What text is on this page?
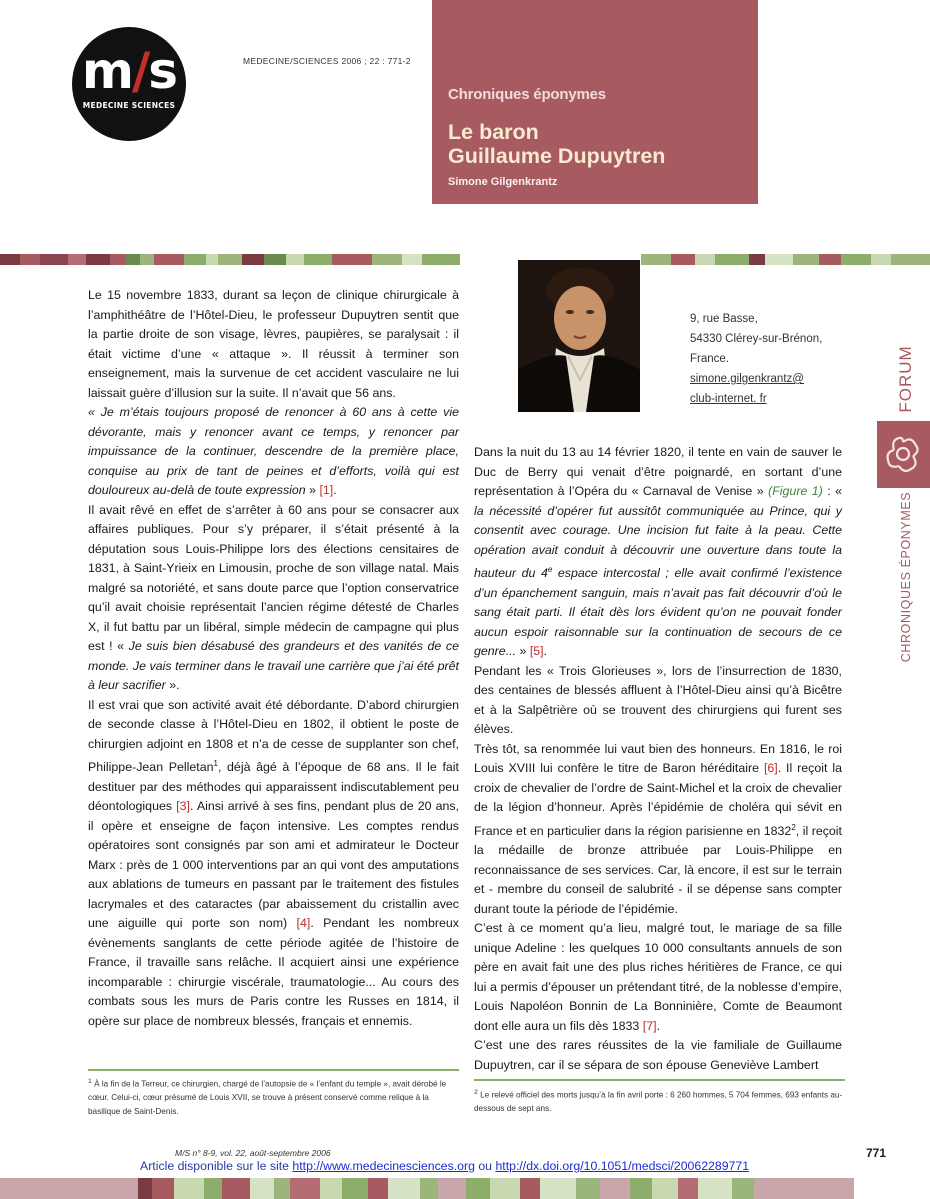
m/s
MEDECINE SCIENCES
MEDECINE/SCIENCES 2006 ; 22 : 771-2
Chroniques éponymes
Le baron
Guillaume Dupuytren
Simone Gilgenkrantz
9, rue Basse,
54330 Clérey-sur-Brénon,
France.
simone.gilgenkrantz@
club-internet. fr	FORUM
CHRONIQUES ÉPONYMES

Le 15 novembre 1833, durant sa leçon de clinique chirurgicale à l’amphithéâtre de l’Hôtel-Dieu, le professeur Dupuytren sentit que la partie droite de son visage, lèvres, paupières, se paralysait : il était victime d’une « attaque ». Il réussit à terminer son enseignement, mais la survenue de cet accident vasculaire ne lui laissait guère d’illusion sur la suite. Il n’avait que 56 ans.

« Je m’étais toujours proposé de renoncer à 60 ans à cette vie dévorante, mais y renoncer avant ce temps, y renoncer par impuissance de la continuer, descendre de la première place, conquise au prix de tant de peines et d’efforts, voilà qui est douloureux au-delà de toute expression » [1].

Il avait rêvé en effet de s’arrêter à 60 ans pour se consacrer aux affaires publiques. Pour s’y préparer, il s’était présenté à la députation sous Louis-Philippe lors des élections censitaires de 1831, à Saint-Yrieix en Limousin, proche de son village natal. Mais malgré sa notoriété, et sans doute parce que l’option conservatrice qu’il avait choisie représentait l’ancien régime détesté de Charles X, il fut battu par un libéral, simple médecin de campagne qui plus est ! « Je suis bien désabusé des grandeurs et des vanités de ce monde. Je vais terminer dans le travail une carrière que j’ai été prêt à leur sacrifier ».

Il est vrai que son activité avait été débordante. D’abord chirurgien de seconde classe à l’Hôtel-Dieu en 1802, il obtient le poste de chirurgien adjoint en 1808 et n’a de cesse de supplanter son chef, Philippe-Jean Pelletan$^1$, déjà âgé à l’époque de 68 ans. Il le fait destituer par des méthodes qui apparaissent indiscutablement peu déontologiques [3]. Ainsi arrivé à ses fins, pendant plus de 20 ans, il opère et enseigne de façon intensive. Les comptes rendus opératoires sont consignés par son ami et admirateur le Docteur Marx : près de 1 000 interventions par an qui vont des amputations aux ablations de tumeurs en passant par le traitement des fistules lacrymales et des cataractes (par abaissement du cristallin avec une aiguille qui porte son nom) [4]. Pendant les nombreux évènements sanglants de cette période agitée de l’histoire de France, il travaille sans relâche. Il acquiert ainsi une expérience incomparable : chirurgie viscérale, traumatologie... Au cours des combats sous les murs de Paris contre les Russes en 1814, il opère sur place de nombreux blessés, français et ennemis.

Dans la nuit du 13 au 14 février 1820, il tente en vain de sauver le Duc de Berry qui venait d’être poignardé, en sortant d’une représentation à l’Opéra du « Carnaval de Venise » (Figure 1) : « la nécessité d’opérer fut aussitôt communiquée au Prince, qui y consentit avec courage. Une incision fut faite à la peau. Cette opération avait conduit à découvrir une ouverture dans toute la hauteur du 4e espace intercostal ; elle avait confirmé l’existence d’un épanchement sanguin, mais n’avait pas fait découvrir d’où le sang était parti. Il était dès lors évident qu’on ne pouvait fonder aucun espoir raisonnable sur la continuation de secours de ce genre... » [5].

Pendant les « Trois Glorieuses », lors de l’insurrection de 1830, des centaines de blessés affluent à l’Hôtel-Dieu ainsi qu’à Bicêtre et à la Salpêtrière où se trouvent des chirurgiens qui furent ses élèves.

Très tôt, sa renommée lui vaut bien des honneurs. En 1816, le roi Louis XVIII lui confère le titre de Baron héréditaire [6]. Il reçoit la croix de chevalier de l’ordre de Saint-Michel et la croix de chevalier de la légion d’honneur. Après l’épidémie de choléra qui sévit en France et en particulier dans la région parisienne en 1832$^2$, il reçoit la médaille de bronze attribuée par Louis-Philippe en reconnaissance de ses services. Car, là encore, il est sur le terrain et - membre du conseil de salubrité - il se dépense sans compter durant toute la période de l’épidémie.

C’est à ce moment qu’a lieu, malgré tout, le mariage de sa fille unique Adeline : les quelques 10 000 consultants annuels de son père en avait fait une des plus riches héritières de France, ce qui lui a permis d’épouser un prétendant titré, de la noblesse d’empire, Louis Napoléon Bonnin de La Bonninière, Comte de Beaumont dont elle aura un fils dès 1833 [7].

C’est une des rares réussites de la vie familiale de Guillaume Dupuytren, car il se sépara de son épouse Geneviève Lambert

$^1$ À la fin de la Terreur, ce chirurgien, chargé de l’autopsie de « l’enfant du temple », avait dérobé le cœur. Celui-ci, cœur présumé de Louis XVII, se trouve à présent conservé comme relique à la basilique de Saint-Denis.
$^2$ Le relevé officiel des morts jusqu’à la fin avril porte : 6 260 hommes, 5 704 femmes, 693 enfants au-dessous de sept ans.
M/S n° 8-9, vol. 22, août-septembre 2006	771
Article disponible sur le site http://www.medecinesciences.org ou http://dx.doi.org/10.1051/medsci/20062289771
